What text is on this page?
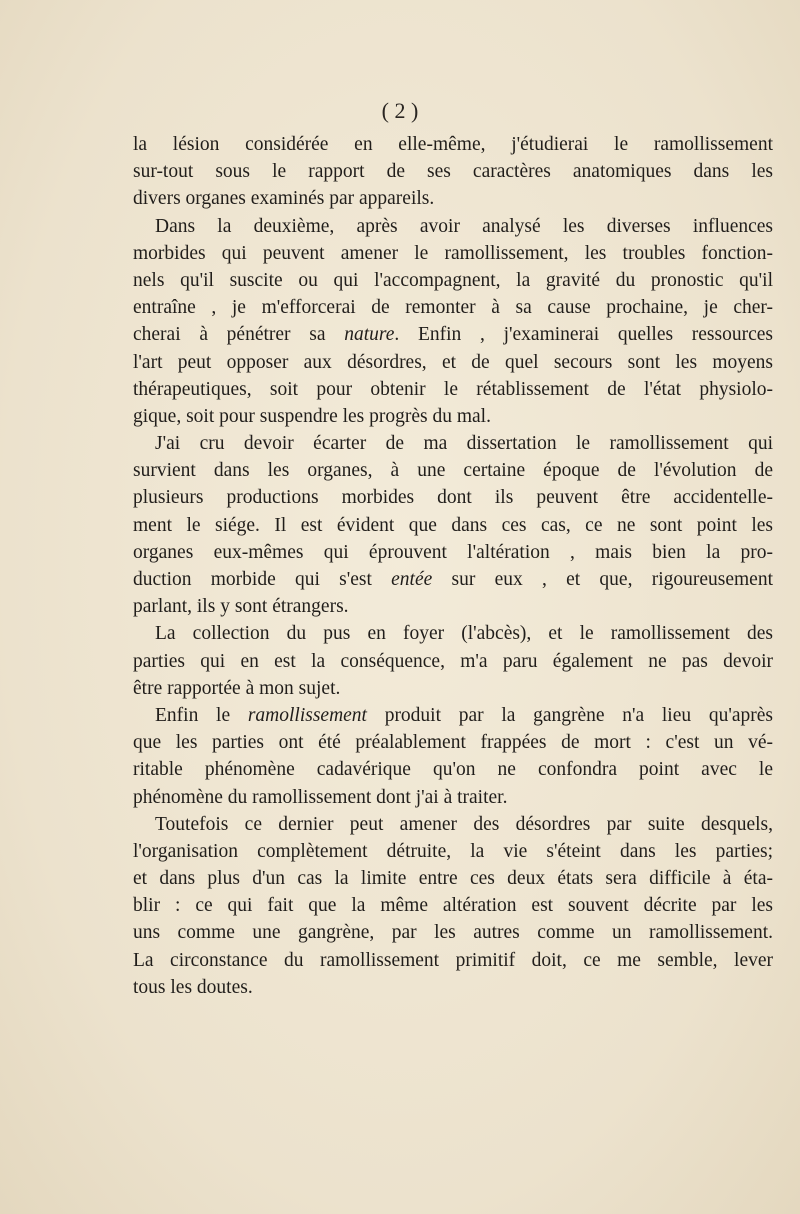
( 2 )
la lésion considérée en elle-même, j'étudierai le ramollissement
sur-tout sous le rapport de ses caractères anatomiques dans les
divers organes examinés par appareils.
Dans la deuxième, après avoir analysé les diverses influences
morbides qui peuvent amener le ramollissement, les troubles fonction-
nels qu'il suscite ou qui l'accompagnent, la gravité du pronostic qu'il
entraîne , je m'efforcerai de remonter à sa cause prochaine, je cher-
cherai à pénétrer sa nature. Enfin , j'examinerai quelles ressources
l'art peut opposer aux désordres, et de quel secours sont les moyens
thérapeutiques, soit pour obtenir le rétablissement de l'état physiolo-
gique, soit pour suspendre les progrès du mal.
J'ai cru devoir écarter de ma dissertation le ramollissement qui
survient dans les organes, à une certaine époque de l'évolution de
plusieurs productions morbides dont ils peuvent être accidentelle-
ment le siége. Il est évident que dans ces cas, ce ne sont point les
organes eux-mêmes qui éprouvent l'altération , mais bien la pro-
duction morbide qui s'est entée sur eux , et que, rigoureusement
parlant, ils y sont étrangers.
La collection du pus en foyer (l'abcès), et le ramollissement des
parties qui en est la conséquence, m'a paru également ne pas devoir
être rapportée à mon sujet.
Enfin le ramollissement produit par la gangrène n'a lieu qu'après
que les parties ont été préalablement frappées de mort : c'est un vé-
ritable phénomène cadavérique qu'on ne confondra point avec le
phénomène du ramollissement dont j'ai à traiter.
Toutefois ce dernier peut amener des désordres par suite desquels,
l'organisation complètement détruite, la vie s'éteint dans les parties;
et dans plus d'un cas la limite entre ces deux états sera difficile à éta-
blir : ce qui fait que la même altération est souvent décrite par les
uns comme une gangrène, par les autres comme un ramollissement.
La circonstance du ramollissement primitif doit, ce me semble, lever
tous les doutes.
